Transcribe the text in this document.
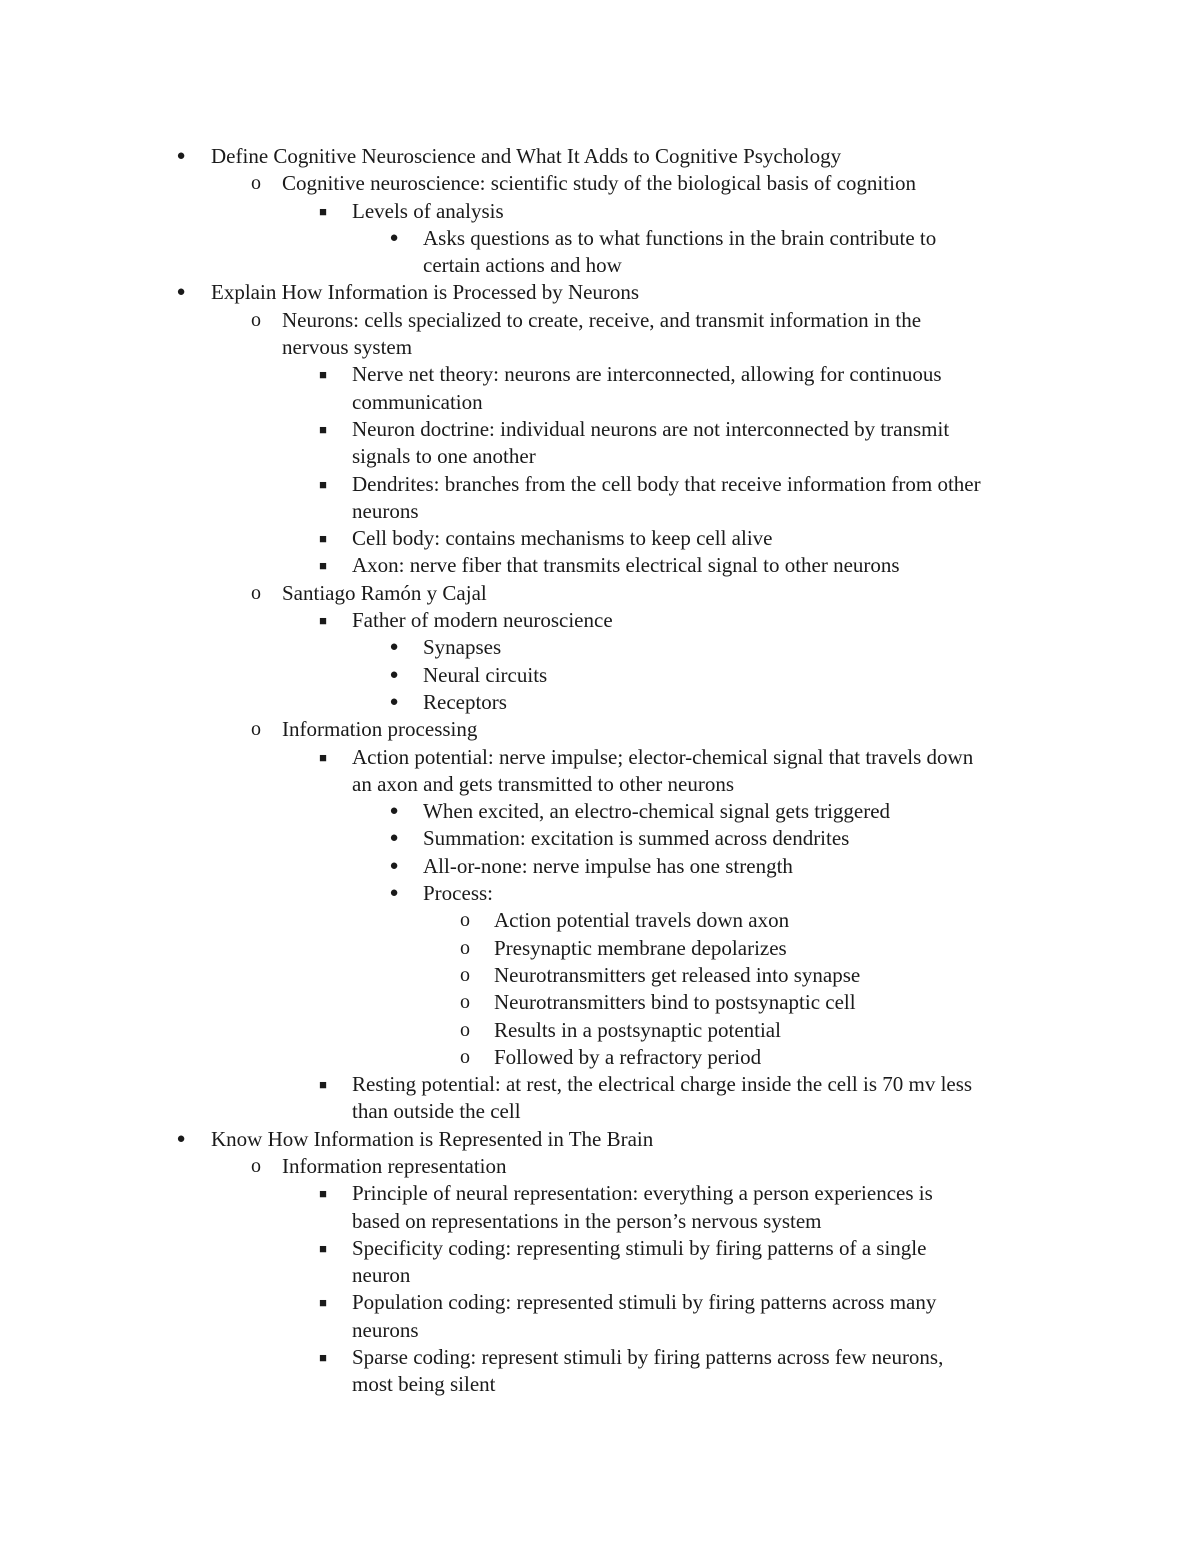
● Define Cognitive Neuroscience and What It Adds to Cognitive Psychology
o Cognitive neuroscience: scientific study of the biological basis of cognition
■ Levels of analysis
● Asks questions as to what functions in the brain contribute to
certain actions and how
● Explain How Information is Processed by Neurons
o Neurons: cells specialized to create, receive, and transmit information in the
nervous system
■ Nerve net theory: neurons are interconnected, allowing for continuous
communication
■ Neuron doctrine: individual neurons are not interconnected by transmit
signals to one another
■ Dendrites: branches from the cell body that receive information from other
neurons
■ Cell body: contains mechanisms to keep cell alive
■ Axon: nerve fiber that transmits electrical signal to other neurons
o Santiago Ramón y Cajal
■ Father of modern neuroscience
● Synapses
● Neural circuits
● Receptors
o Information processing
■ Action potential: nerve impulse; elector-chemical signal that travels down
an axon and gets transmitted to other neurons
● When excited, an electro-chemical signal gets triggered
● Summation: excitation is summed across dendrites
● All-or-none: nerve impulse has one strength
● Process:
o Action potential travels down axon
o Presynaptic membrane depolarizes
o Neurotransmitters get released into synapse
o Neurotransmitters bind to postsynaptic cell
o Results in a postsynaptic potential
o Followed by a refractory period
■ Resting potential: at rest, the electrical charge inside the cell is 70 mv less
than outside the cell
● Know How Information is Represented in The Brain
o Information representation
■ Principle of neural representation: everything a person experiences is
based on representations in the person’s nervous system
■ Specificity coding: representing stimuli by firing patterns of a single
neuron
■ Population coding: represented stimuli by firing patterns across many
neurons
■ Sparse coding: represent stimuli by firing patterns across few neurons,
most being silent
